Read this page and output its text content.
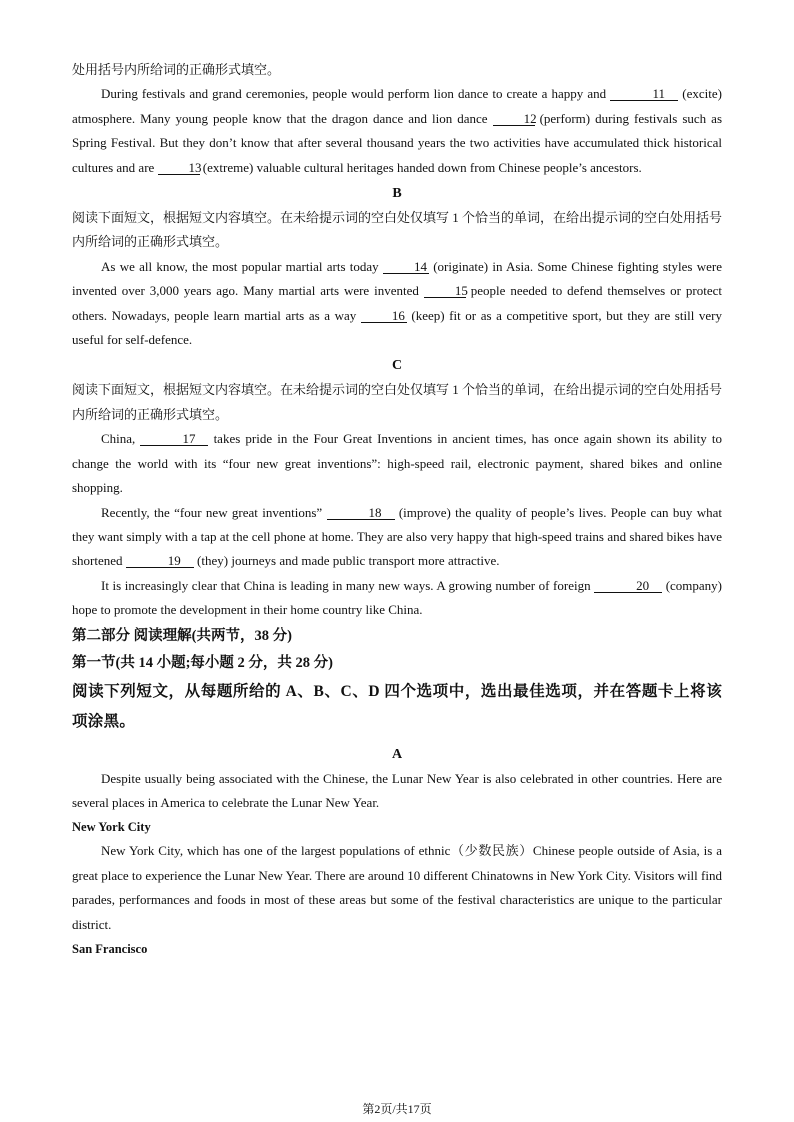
处用括号内所给词的正确形式填空。

During festivals and grand ceremonies, people would perform lion dance to create a happy and	11 (excite) atmosphere. Many young people know that the dragon dance and lion dance 12 (perform) during festivals such as Spring Festival. But they don’t know that after several thousand years the two activities have accumulated thick historical cultures and are 13 (extreme) valuable cultural heritages handed down from Chinese people’s ancestors.

B

阅读下面短文，根据短文内容填空。在未给提示词的空白处仅填写 1 个恰当的单词，在给出提示词的空白处用括号内所给词的正确形式填空。

As we all know, the most popular martial arts today 14 (originate) in Asia. Some Chinese fighting styles were invented over 3,000 years ago. Many martial arts were invented 15 people needed to defend themselves or protect others. Nowadays, people learn martial arts as a way 16 (keep) fit or as a competitive sport, but they are still very useful for self-defence.

C

阅读下面短文，根据短文内容填空。在未给提示词的空白处仅填写 1 个恰当的单词，在给出提示词的空白处用括号内所给词的正确形式填空。

China,	17 takes pride in the Four Great Inventions in ancient times, has once again shown its ability to change the world with its “four new great inventions”: high-speed rail, electronic payment, shared bikes and online shopping.

Recently, the “four new great inventions”	18 (improve) the quality of people’s lives. People can buy what they want simply with a tap at the cell phone at home. They are also very happy that high-speed trains and shared bikes have shortened	19 (they) journeys and made public transport more attractive.

It is increasingly clear that China is leading in many new ways. A growing number of foreign	20 (company) hope to promote the development in their home country like China.

第二部分 阅读理解(共两节，38 分)

第一节(共 14 小题;每小题 2 分，共 28 分)

阅读下列短文，从每题所给的 A、B、C、D 四个选项中，选出最佳选项，并在答题卡上将该项涂黑。

A

Despite usually being associated with the Chinese, the Lunar New Year is also celebrated in other countries. Here are several places in America to celebrate the Lunar New Year.

New York City

New York City, which has one of the largest populations of ethnic（少数民族）Chinese people outside of Asia, is a great place to experience the Lunar New Year. There are around 10 different Chinatowns in New York City. Visitors will find parades, performances and foods in most of these areas but some of the festival characteristics are unique to the particular district.

San Francisco

第2页/共17页
